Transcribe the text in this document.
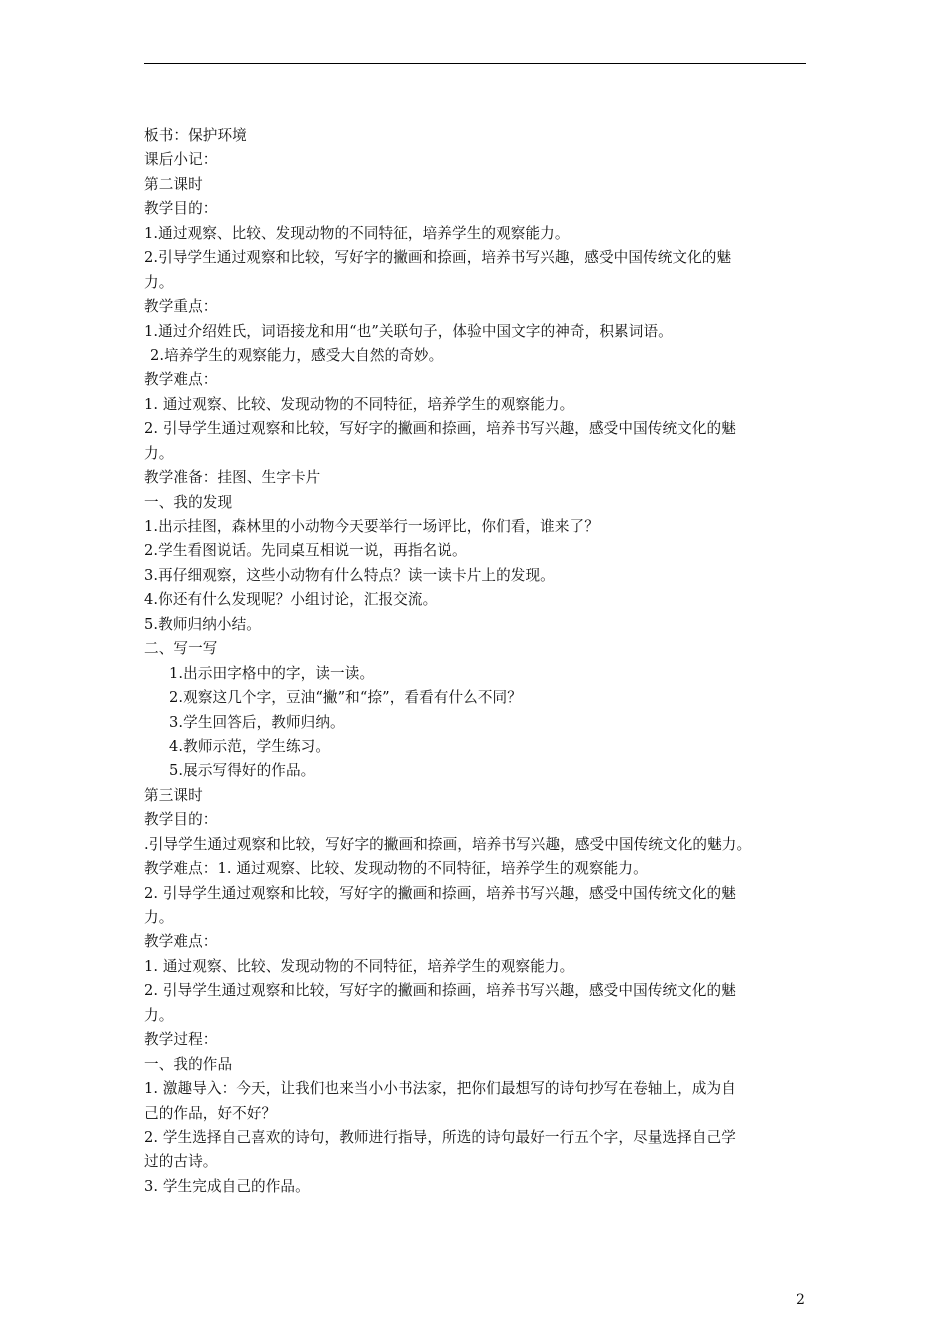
板书：保护环境
课后小记：
第二课时
教学目的：
1.通过观察、比较、发现动物的不同特征，培养学生的观察能力。
2.引导学生通过观察和比较，写好字的撇画和捺画，培养书写兴趣，感受中国传统文化的魅
力。
教学重点：
1.通过介绍姓氏，词语接龙和用“也”关联句子，体验中国文字的神奇，积累词语。
2.培养学生的观察能力，感受大自然的奇妙。
教学难点：
1. 通过观察、比较、发现动物的不同特征，培养学生的观察能力。
2. 引导学生通过观察和比较，写好字的撇画和捺画，培养书写兴趣，感受中国传统文化的魅
力。
教学准备：挂图、生字卡片
一、我的发现
1.出示挂图，森林里的小动物今天要举行一场评比，你们看，谁来了？
2.学生看图说话。先同桌互相说一说，再指名说。
3.再仔细观察，这些小动物有什么特点？读一读卡片上的发现。
4.你还有什么发现呢？小组讨论，汇报交流。
5.教师归纳小结。
二、写一写
1.出示田字格中的字，读一读。
2.观察这几个字，豆油“撇”和“捺”，看看有什么不同？
3.学生回答后，教师归纳。
4.教师示范，学生练习。
5.展示写得好的作品。
第三课时
教学目的：
.引导学生通过观察和比较，写好字的撇画和捺画，培养书写兴趣，感受中国传统文化的魅力。
教学难点：1. 通过观察、比较、发现动物的不同特征，培养学生的观察能力。
2. 引导学生通过观察和比较，写好字的撇画和捺画，培养书写兴趣，感受中国传统文化的魅
力。
教学难点：
1. 通过观察、比较、发现动物的不同特征，培养学生的观察能力。
2. 引导学生通过观察和比较，写好字的撇画和捺画，培养书写兴趣，感受中国传统文化的魅
力。
教学过程：
一、我的作品
1. 激趣导入：今天，让我们也来当小小书法家，把你们最想写的诗句抄写在卷轴上，成为自
己的作品，好不好？
2. 学生选择自己喜欢的诗句，教师进行指导，所选的诗句最好一行五个字，尽量选择自己学
过的古诗。
3. 学生完成自己的作品。
2
